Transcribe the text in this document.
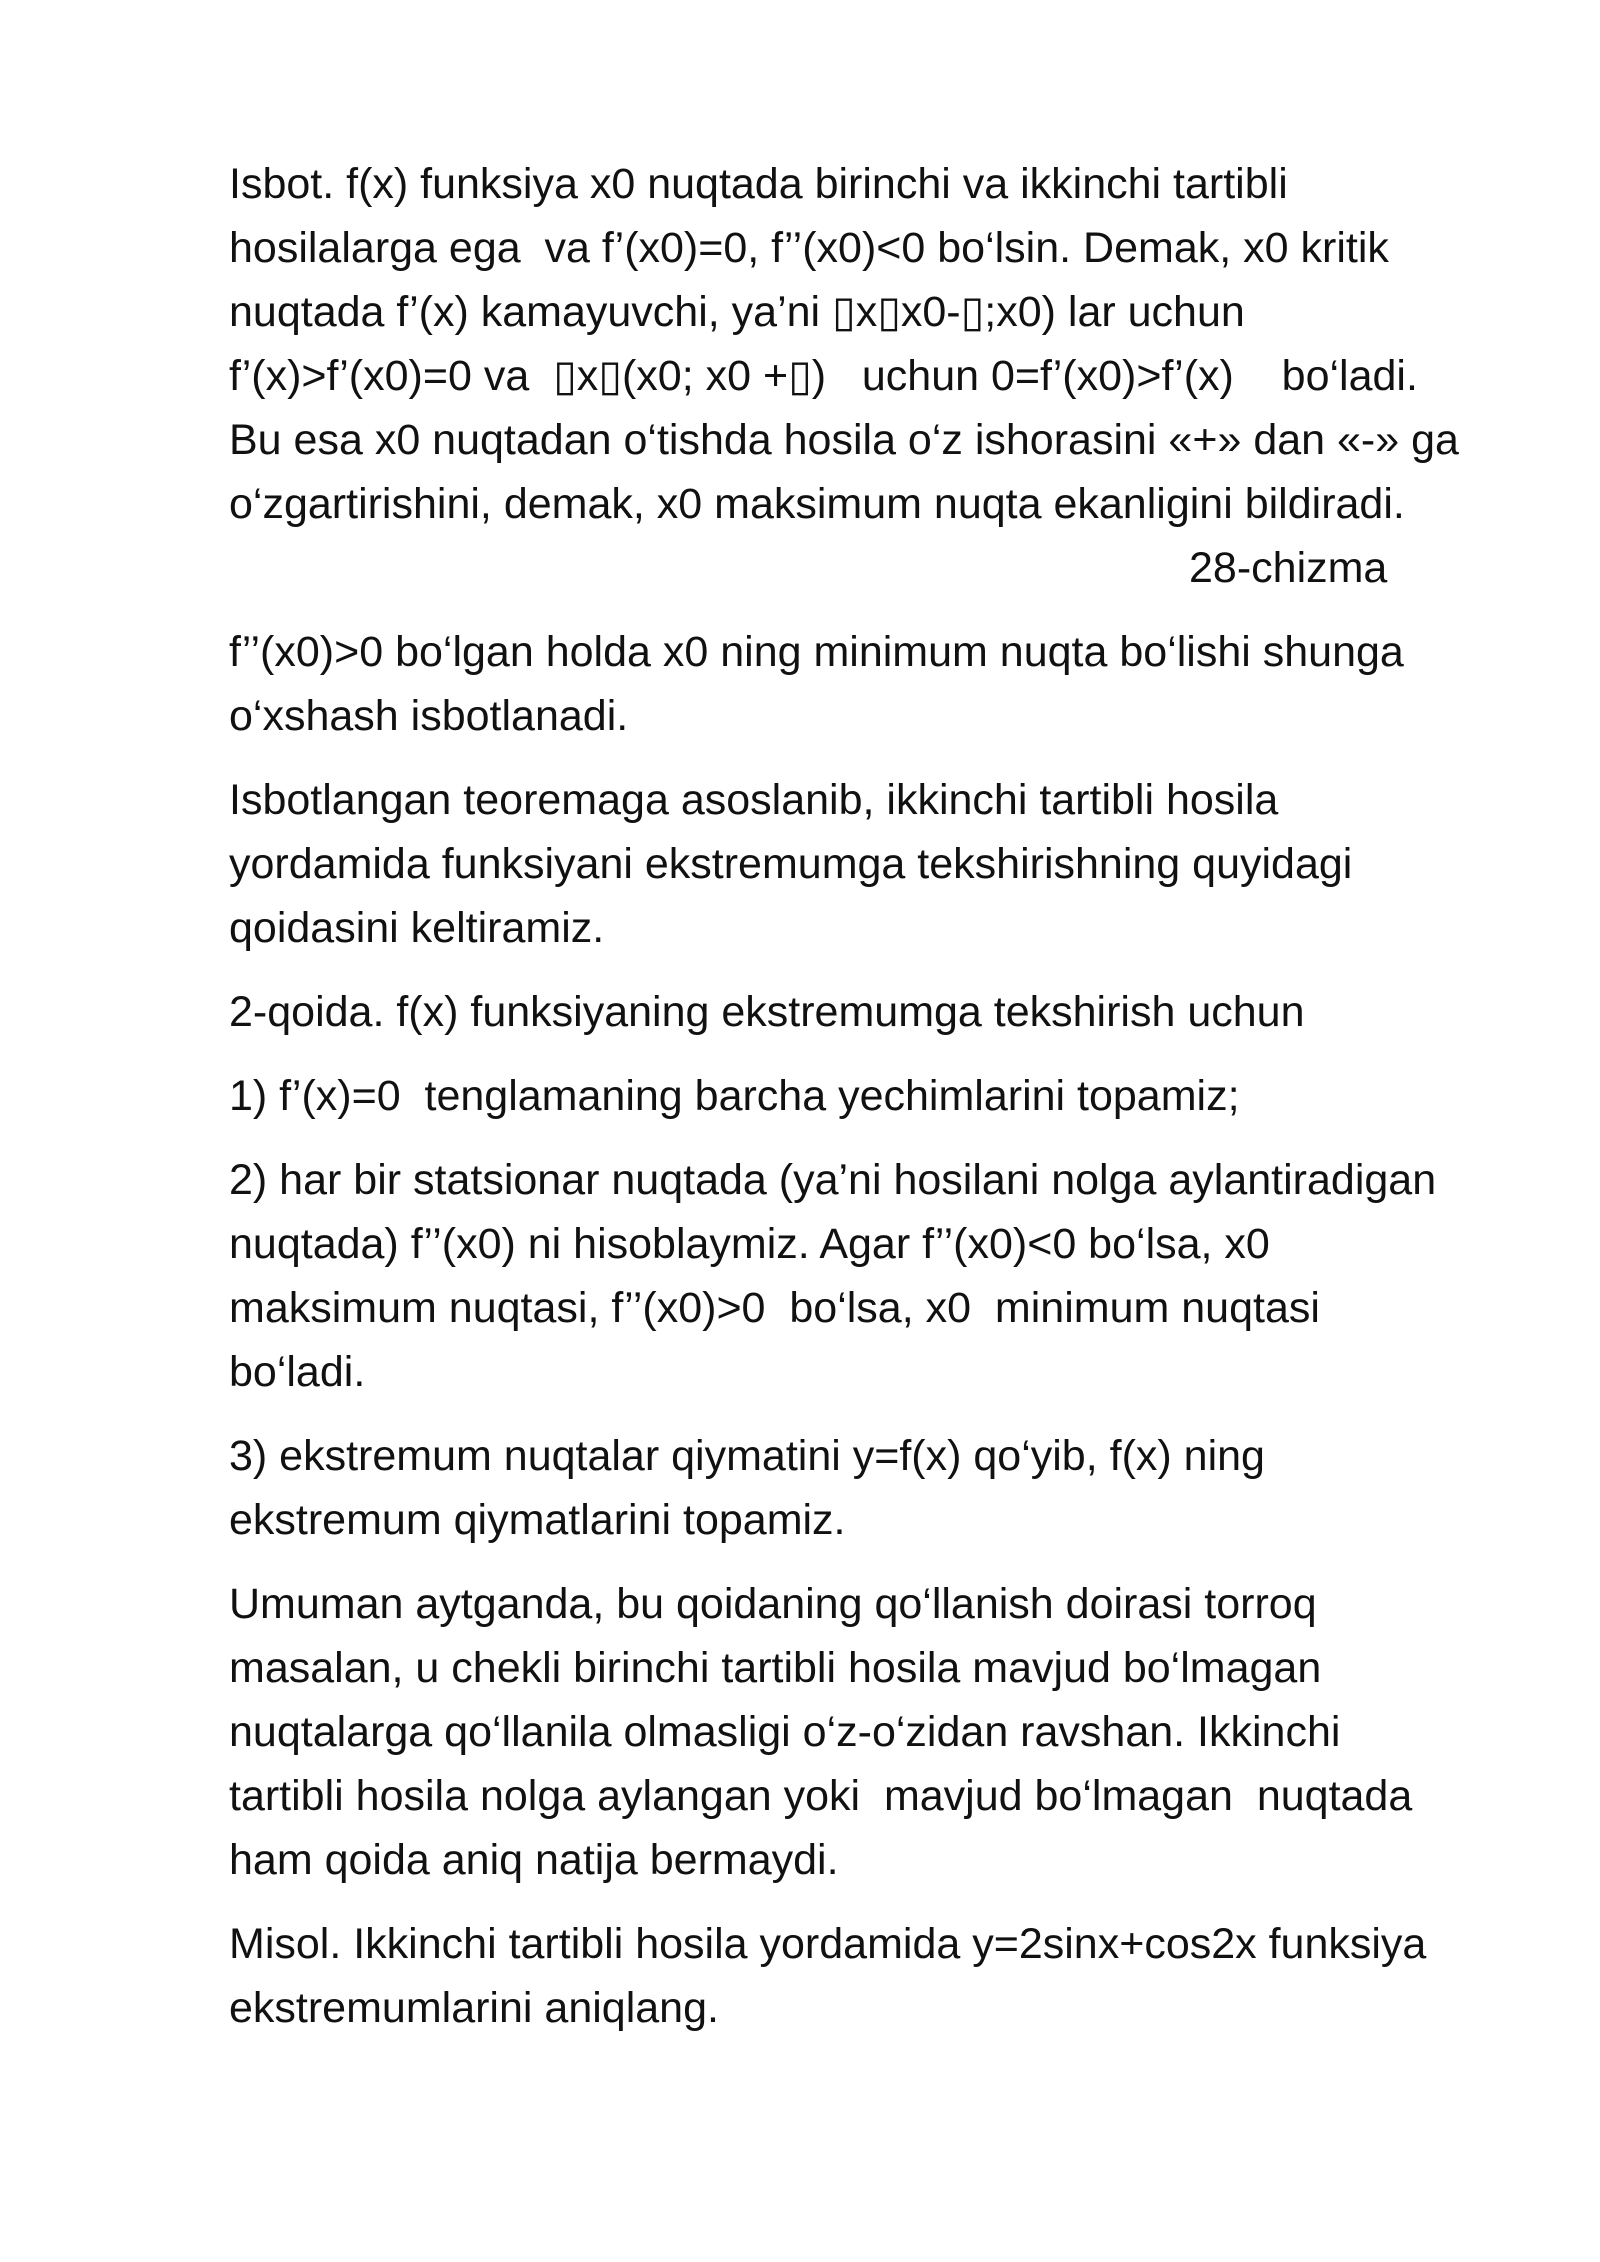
Isbot. f(x) funksiya x0 nuqtada birinchi va ikkinchi tartibli
hosilalarga ega  va f’(x0)=0, f’’(x0)<0 bo‘lsin. Demak, x0 kritik
nuqtada f’(x) kamayuvchi, ya’ni ▯x▯x0-▯;x0) lar uchun
f’(x)>f’(x0)=0 va  ▯x▯(x0; x0 +▯)   uchun 0=f’(x0)>f’(x)    bo‘ladi.
Bu esa x0 nuqtadan o‘tishda hosila o‘z ishorasini «+» dan «-» ga
o‘zgartirishini, demak, x0 maksimum nuqta ekanligini bildiradi.
28-chizma

f’’(x0)>0 bo‘lgan holda x0 ning minimum nuqta bo‘lishi shunga
o‘xshash isbotlanadi.

Isbotlangan teoremaga asoslanib, ikkinchi tartibli hosila
yordamida funksiyani ekstremumga tekshirishning quyidagi
qoidasini keltiramiz.

2-qoida. f(x) funksiyaning ekstremumga tekshirish uchun

1) f’(x)=0  tenglamaning barcha yechimlarini topamiz;

2) har bir statsionar nuqtada (ya’ni hosilani nolga aylantiradigan
nuqtada) f’’(x0) ni hisoblaymiz. Agar f’’(x0)<0 bo‘lsa, x0
maksimum nuqtasi, f’’(x0)>0  bo‘lsa, x0  minimum nuqtasi
bo‘ladi.

3) ekstremum nuqtalar qiymatini y=f(x) qo‘yib, f(x) ning
ekstremum qiymatlarini topamiz.

Umuman aytganda, bu qoidaning qo‘llanish doirasi torroq
masalan, u chekli birinchi tartibli hosila mavjud bo‘lmagan
nuqtalarga qo‘llanila olmasligi o‘z-o‘zidan ravshan. Ikkinchi
tartibli hosila nolga aylangan yoki  mavjud bo‘lmagan  nuqtada
ham qoida aniq natija bermaydi.

Misol. Ikkinchi tartibli hosila yordamida y=2sinx+cos2x funksiya
ekstremumlarini aniqlang.
